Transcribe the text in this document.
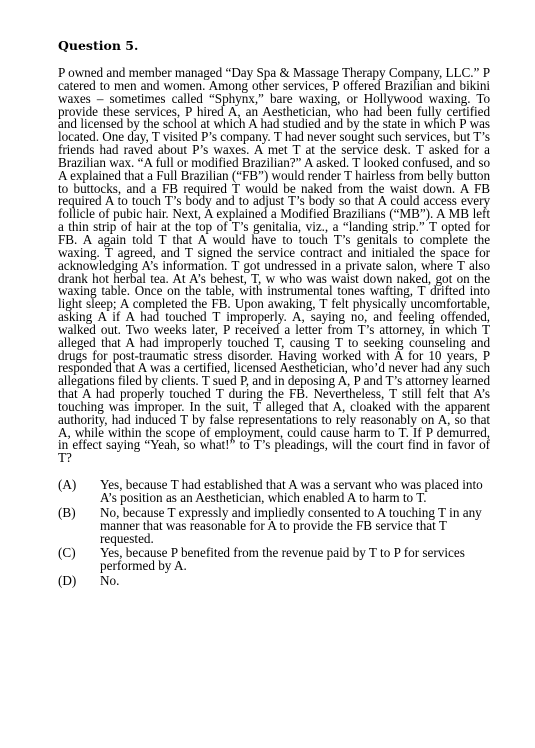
Question 5.

P owned and member managed “Day Spa & Massage Therapy Company, LLC.” P catered to men and women. Among other services, P offered Brazilian and bikini waxes – sometimes called “Sphynx,” bare waxing, or Hollywood waxing. To provide these services, P hired A, an Aesthetician, who had been fully certified and licensed by the school at which A had studied and by the state in which P was located. One day, T visited P’s company. T had never sought such services, but T’s friends had raved about P’s waxes. A met T at the service desk. T asked for a Brazilian wax. “A full or modified Brazilian?” A asked. T looked confused, and so A explained that a Full Brazilian (“FB”) would render T hairless from belly button to buttocks, and a FB required T would be naked from the waist down. A FB required A to touch T’s body and to adjust T’s body so that A could access every follicle of pubic hair. Next, A explained a Modified Brazilians (“MB”). A MB left a thin strip of hair at the top of T’s genitalia, viz., a “landing strip.” T opted for FB. A again told T that A would have to touch T’s genitals to complete the waxing. T agreed, and T signed the service contract and initialed the space for acknowledging A’s information. T got undressed in a private salon, where T also drank hot herbal tea. At A’s behest, T, w who was waist down naked, got on the waxing table. Once on the table, with instrumental tones wafting, T drifted into light sleep; A completed the FB. Upon awaking, T felt physically uncomfortable, asking A if A had touched T improperly. A, saying no, and feeling offended, walked out. Two weeks later, P received a letter from T’s attorney, in which T alleged that A had improperly touched T, causing T to seeking counseling and drugs for post-traumatic stress disorder. Having worked with A for 10 years, P responded that A was a certified, licensed Aesthetician, who’d never had any such allegations filed by clients. T sued P, and in deposing A, P and T’s attorney learned that A had properly touched T during the FB. Nevertheless, T still felt that A’s touching was improper. In the suit, T alleged that A, cloaked with the apparent authority, had induced T by false representations to rely reasonably on A, so that A, while within the scope of employment, could cause harm to T. If P demurred, in effect saying “Yeah, so what!” to T’s pleadings, will the court find in favor of T?

(A)	Yes, because T had established that A was a servant who was placed into A’s position as an Aesthetician, which enabled A to harm to T.
(B)	No, because T expressly and impliedly consented to A touching T in any manner that was reasonable for A to provide the FB service that T requested.
(C)	Yes, because P benefited from the revenue paid by T to P for services performed by A.
(D)	No.
